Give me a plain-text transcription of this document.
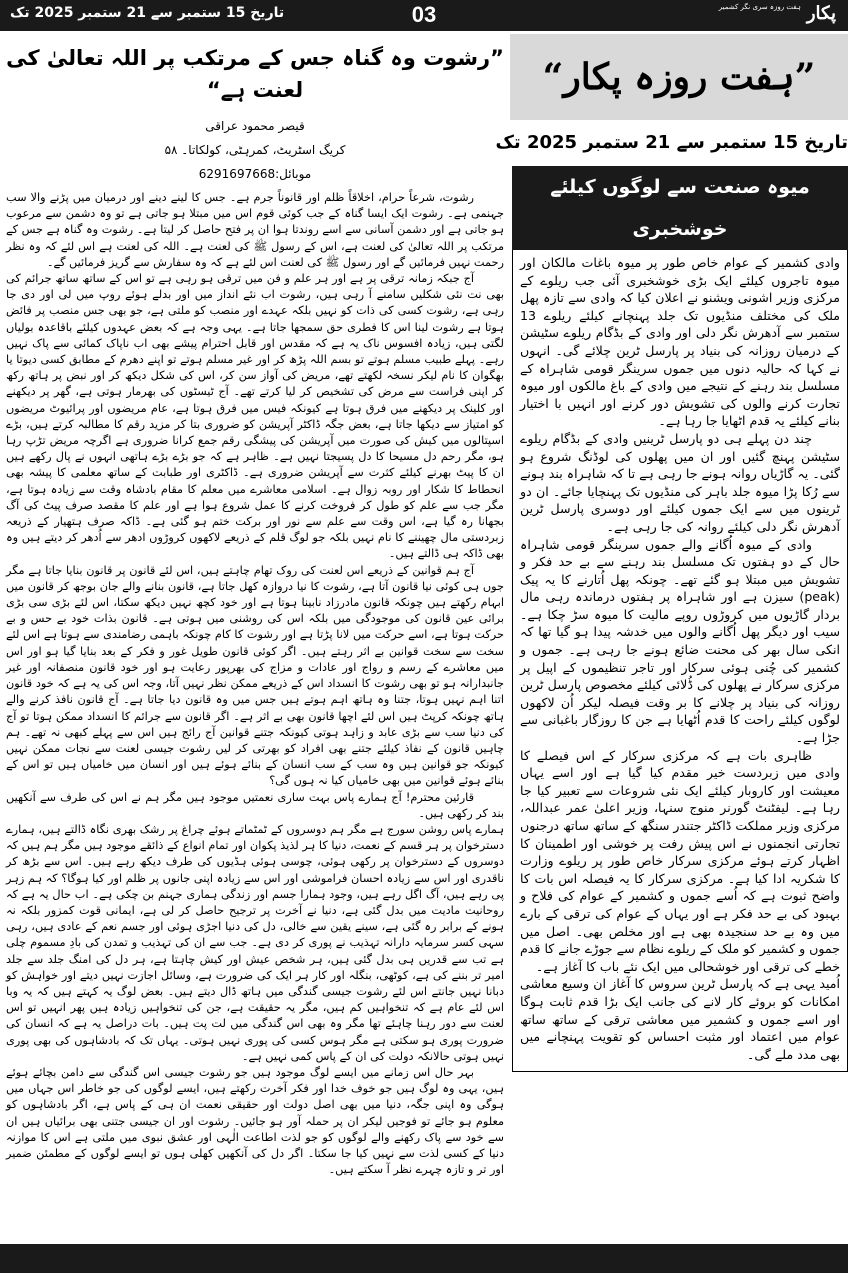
تاریخ 15 ستمبر سے 21 ستمبر 2025 تک	03	پکار$^{ہفت روزہ سری نگر کشمیر}$
”رشوت وہ گناہ جس کے مرتکب پر اللہ تعالیٰ کی لعنت ہے“
قیصر محمود عراقی
کریگ اسٹریٹ، کمرہٹی، کولکاتا۔ ۵۸
موبائل:6291697668

رشوت، شرعاً حرام، اخلاقاً ظلم اور قانوناً جرم ہے۔ جس کا لینے دینے اور درمیان میں پڑنے والا سب جہنمی ہے۔ رشوت ایک ایسا گناہ کے جب کوئی قوم اس میں مبتلا ہو جاتی ہے تو وہ دشمن سے مرعوب ہو جاتی ہے اور دشمن آسانی سے اسے روندتا ہوا ان پر فتح حاصل کر لیتا ہے۔ رشوت وہ گناہ ہے جس کے مرتکب پر اللہ تعالیٰ کی لعنت ہے، اس کے رسول ﷺ کی لعنت ہے۔ اللہ کی لعنت ہے اس لئے کہ وہ نظر رحمت نہیں فرمائیں گے اور رسول ﷺ کی لعنت اس لئے ہے کہ وہ سفارش سے گریز فرمائیں گے۔

آج جبکہ زمانہ ترقی پر ہے اور ہر علم و فن میں ترقی ہو رہی ہے تو اس کے ساتھ ساتھ جرائم کی بھی نت نئی شکلیں سامنے آ رہی ہیں، رشوت اب نئے انداز میں اور بدلے ہوئے روپ میں لی اور دی جا رہی ہے، رشوت کسی کی ذات کو نہیں بلکہ عہدے اور منصب کو ملتی ہے، جو بھی جس منصب پر فائض ہوتا ہے رشوت لینا اس کا فطری حق سمجھا جاتا ہے۔ یہی وجہ ہے کہ بعض عہدوں کیلئے باقاعدہ بولیاں لگتی ہیں، زیادہ افسوس ناک یہ ہے کہ مقدس اور قابل احترام پیشے بھی اب ناپاک کمائی سے پاک نہیں رہے۔ پہلے طبیب مسلم ہوتے تو بسم اللہ پڑھ کر اور غیر مسلم ہوتے تو اپنے دھرم کے مطابق کسی دیوتا یا بھگوان کا نام لیکر نسخہ لکھتے تھے، مریض کی آواز سن کر، اس کی شکل دیکھ کر اور نبض پر ہاتھ رکھ کر اپنی فراست سے مرض کی تشخیص کر لیا کرتے تھے۔ آج ٹیسٹوں کی بھرمار ہوتی ہے، گھر پر دیکھنے اور کلینک پر دیکھنے میں فرق ہوتا ہے کیونکہ فیس میں فرق ہوتا ہے، عام مریضوں اور پرائیوٹ مریضوں کو امتیاز سے دیکھا جاتا ہے، بعض جگہ ڈاکٹر آپریشن کو ضروری بتا کر مزید رقم کا مطالبہ کرتے ہیں، بڑے اسپتالوں میں کیش کی صورت میں آپریشن کی پیشگی رقم جمع کرانا ضروری ہے اگرچہ مریض تڑپ رہا ہو، مگر رحم دل مسیحا کا دل پسیجتا نہیں ہے۔ ظاہر ہے کہ جو بڑے بڑے ہاتھی انہوں نے پال رکھے ہیں ان کا پیٹ بھرنے کیلئے کثرت سے آپریشن ضروری ہے۔ ڈاکٹری اور طبابت کے ساتھ معلمی کا پیشہ بھی انحطاط کا شکار اور روبہ زوال ہے۔ اسلامی معاشرے میں معلم کا مقام بادشاہ وقت سے زیادہ ہوتا ہے، مگر جب سے علم کو طول کر فروخت کرنے کا عمل شروع ہوا ہے اور علم کا مقصد صرف پیٹ کی آگ بجھانا رہ گیا ہے، اس وقت سے علم سے نور اور برکت ختم ہو گئی ہے۔ ڈاکہ صرف ہتھیار کے ذریعہ زبردستی مال چھیننے کا نام نہیں بلکہ جو لوگ قلم کے ذریعے لاکھوں کروڑوں ادھر سے اُدھر کر دیتے ہیں وہ بھی ڈاکہ ہی ڈالتے ہیں۔

آج ہم قوانین کے ذریعے اس لعنت کی روک تھام چاہتے ہیں، اس لئے قانون پر قانون بنایا جاتا ہے مگر جوں ہی کوئی نیا قانون آتا ہے، رشوت کا نیا دروازہ کھل جاتا ہے، قانون بنانے والے جان بوجھ کر قانون میں ابہام رکھتے ہیں چونکہ قانون مادرزاد نابینا ہوتا ہے اور خود کچھ نہیں دیکھ سکتا، اس لئے بڑی سی بڑی برائی عین قانون کی موجودگی میں بلکہ اس کی روشنی میں ہوتی ہے۔ قانون بذات خود بے حس و بے حرکت ہوتا ہے، اسے حرکت میں لانا پڑتا ہے اور رشوت کا کام چونکہ باہمی رضامندی سے ہوتا ہے اس لئے سخت سے سخت قوانین بے اثر رہتے ہیں۔ اگر کوئی قانون طویل غور و فکر کے بعد بنایا گیا ہو اور اس میں معاشرے کے رسم و رواج اور عادات و مزاج کی بھرپور رعایت ہو اور خود قانون منصفانہ اور غیر جانبدارانہ ہو تو بھی رشوت کا انسداد اس کے ذریعے ممکن نظر نہیں آتا، وجہ اس کی یہ ہے کہ خود قانون اتنا اہم نہیں ہوتا، جتنا وہ ہاتھ اہم ہوتے ہیں جس میں وہ قانون دیا جاتا ہے۔ آج قانون نافذ کرنے والے ہاتھ چونکہ کرپٹ ہیں اس لئے اچھا قانون بھی بے اثر ہے۔ اگر قانون سے جرائم کا انسداد ممکن ہوتا تو آج کی دنیا سب سے بڑی عابد و زاہد ہوتی کیونکہ جتنے قوانین آج رائج ہیں اس سے پہلے کبھی نہ تھے۔ ہم چاہیں قانون کے نفاذ کیلئے جتنے بھی افراد کو بھرتی کر لیں رشوت جیسی لعنت سے نجات ممکن نہیں کیونکہ جو قوانین ہیں وہ سب کے سب انسان کے بنائے ہوئے ہیں اور انسان میں خامیاں ہیں تو اس کے بنائے ہوئے قوانین میں بھی خامیاں کیا نہ ہوں گی؟

قارئین محترم! آج ہمارے پاس بہت ساری نعمتیں موجود ہیں مگر ہم نے اس کی طرف سے آنکھیں بند کر رکھی ہیں۔

ہمارے پاس روشن سورج ہے مگر ہم دوسروں کے ٹمٹماتے ہوئے چراغ پر رشک بھری نگاہ ڈالتے ہیں، ہمارے دسترخوان پر ہر قسم کے نعمت، دنیا کا ہر لذیذ پکوان اور تمام انواع کے ذائقے موجود ہیں مگر ہم ہیں کہ دوسروں کے دسترخوان پر رکھی ہوئی، چوسی ہوئی ہڈیوں کی طرف دیکھ رہے ہیں۔ اس سے بڑھ کر ناقدری اور اس سے زیادہ احسان فراموشی اور اس سے زیادہ اپنی جانوں پر ظلم اور کیا ہوگا؟ کہ ہم زہر پی رہے ہیں، آگ اگل رہے ہیں، وجود ہمارا جسم اور زندگی ہماری جہنم بن چکی ہے۔ اب حال یہ ہے کہ روحانیت مادیت میں بدل گئی ہے، دنیا نے آخرت پر ترجیح حاصل کر لی ہے، ایمانی قوت کمزور بلکہ نہ ہونے کے برابر رہ گئی ہے، سینے یقین سے خالی، دل کی دنیا اجڑی ہوئی اور جسم نعم کے عادی ہیں، رہی سہی کسر سرمایہ دارانہ تہذیب نے پوری کر دی ہے۔ جب سے ان کی تہذیب و تمدن کی بادِ مسموم چلی ہے تب سے قدریں ہی بدل گئی ہیں، ہر شخص عیش اور کیش چاہتا ہے، ہر دل کی امنگ جلد سے جلد امیر تر بننے کی ہے، کوٹھی، بنگلہ اور کار ہر ایک کی ضرورت ہے، وسائل اجازت نہیں دیتے اور خواہش کو دبانا نہیں جانتے اس لئے رشوت جیسی گندگی میں ہاتھ ڈال دیتے ہیں۔ بعض لوگ یہ کہتے ہیں کہ یہ وبا اس لئے عام ہے کہ تنخواہیں کم ہیں، مگر یہ حقیقت ہے، جن کی تنخواہیں زیادہ ہیں پھر انہیں تو اس لعنت سے دور رہنا چاہئے تھا مگر وہ بھی اس گندگی میں لت پت ہیں۔ بات دراصل یہ ہے کہ انسان کی ضرورت پوری ہو سکتی ہے مگر ہوس کسی کی پوری نہیں ہوتی۔ یہاں تک کہ بادشاہوں کی بھی پوری نہیں ہوتی حالانکہ دولت کی ان کے پاس کمی نہیں ہے۔

بہر حال اس زمانے میں ایسے لوگ موجود ہیں جو رشوت جیسی اس گندگی سے دامن بچائے ہوئے ہیں، یہی وہ لوگ ہیں جو خوف خدا اور فکر آخرت رکھتے ہیں، ایسے لوگوں کی جو خاطر اس جہاں میں ہوگی وہ اپنی جگہ، دنیا میں بھی اصل دولت اور حقیقی نعمت ان ہی کے پاس ہے، اگر بادشاہوں کو معلوم ہو جائے تو فوجیں لیکر ان پر حملہ آور ہو جائیں۔ رشوت اور ان جیسی جتنی بھی برائیاں ہیں ان سے خود سے پاک رکھنے والے لوگوں کو جو لذت اطاعت الٰہی اور عشق نبوی میں ملتی ہے اس کا موازنہ دنیا کے کسی لذت سے نہیں کیا جا سکتا۔ اگر دل کی آنکھیں کھلی ہوں تو ایسے لوگوں کے مطمئن ضمیر اور تر و تازہ چہرے نظر آ سکتے ہیں۔

”ہفت روزہ پکار“
تاریخ 15 ستمبر سے 21 ستمبر 2025 تک
میوہ صنعت سے لوگوں کیلئے خوشخبری

وادی کشمیر کے عوام خاص طور پر میوہ باغات مالکان اور میوہ تاجروں کیلئے ایک بڑی خوشخبری آئی جب ریلوے کے مرکزی وزیر اشونی ویشنو نے اعلان کیا کہ وادی سے تازہ پھل ملک کی مختلف منڈیوں تک جلد پہنچانے کیلئے ریلوے 13 ستمبر سے آدھرش نگر دلی اور وادی کے بڈگام ریلوے سٹیشن کے درمیان روزانہ کی بنیاد پر پارسل ٹرین چلائے گی۔ انہوں نے کہا کہ حالیہ دنوں میں جموں سرینگر قومی شاہراہ کے مسلسل بند رہنے کے نتیجے میں وادی کے باغ مالکوں اور میوہ تجارت کرنے والوں کی تشویش دور کرنے اور انہیں با اختیار بنانے کیلئے یہ قدم اٹھایا جا رہا ہے۔

چند دن پہلے ہی دو پارسل ٹرینیں وادی کے بڈگام ریلوے سٹیشن پہنچ گئیں اور ان میں پھلوں کی لوڈنگ شروع ہو گئی۔ یہ گاڑیاں روانہ ہونے جا رہی ہے تا کہ شاہراہ بند ہونے سے رُکا پڑا میوہ جلد باہر کی منڈیوں تک پہنچایا جائے۔ ان دو ٹرینوں میں سے ایک جموں کیلئے اور دوسری پارسل ٹرین آدھرش نگر دلی کیلئے روانہ کی جا رہی ہے۔

وادی کے میوہ اُگانے والے جموں سرینگر قومی شاہراہ حال کے دو ہفتوں تک مسلسل بند رہنے سے بے حد فکر و تشویش میں مبتلا ہو گئے تھے۔ چونکہ پھل اُتارنے کا یہ پیک (peak) سیزن ہے اور شاہراہ پر ہفتوں درماندہ رہی مال بردار گاڑیوں میں کروڑوں روپے مالیت کا میوہ سڑ چکا ہے۔ سیب اور دیگر پھل اُگانے والوں میں خدشہ پیدا ہو گیا تھا کہ انکی سال بھر کی محنت ضائع ہونے جا رہی ہے۔ جموں و کشمیر کی چُنی ہوئی سرکار اور تاجر تنظیموں کے اپیل پر مرکزی سرکار نے پھلوں کی ڈُلائی کیلئے مخصوص پارسل ٹرین روزانہ کی بنیاد پر چلانے کا بر وقت فیصلہ لیکر اُن لاکھوں لوگوں کیلئے راحت کا قدم اُٹھایا ہے جن کا روزگار باغبانی سے جڑا ہے۔

ظاہری بات ہے کہ مرکزی سرکار کے اس فیصلے کا وادی میں زبردست خیر مقدم کیا گیا ہے اور اسے یہاں معیشت اور کاروبار کیلئے ایک نئی شروعات سے تعبیر کیا جا رہا ہے۔ لیفٹنٹ گورنر منوج سنہا، وزیر اعلیٰ عمر عبداللہ، مرکزی وزیر مملکت ڈاکٹر جتندر سنگھ کے ساتھ ساتھ درجنوں تجارتی انجمنوں نے اس پیش رفت پر خوشی اور اطمینان کا اظہار کرتے ہوئے مرکزی سرکار خاص طور پر ریلوے وزارت کا شکریہ ادا کیا ہے۔ مرکزی سرکار کا یہ فیصلہ اس بات کا واضح ثبوت ہے کہ اُسے جموں و کشمیر کے عوام کی فلاح و بہبود کی بے حد فکر ہے اور یہاں کے عوام کی ترقی کے بارے میں وہ بے حد سنجیدہ بھی ہے اور مخلص بھی۔ اصل میں جموں و کشمیر کو ملک کے ریلوے نظام سے جوڑے جانے کا قدم خطے کی ترقی اور خوشحالی میں ایک نئے باب کا آغاز ہے۔

اُمید یہی ہے کہ پارسل ٹرین سروس کا آغاز ان وسیع معاشی امکانات کو بروئے کار لانے کی جانب ایک بڑا قدم ثابت ہوگا اور اسے جموں و کشمیر میں معاشی ترقی کے ساتھ ساتھ عوام میں اعتماد اور مثبت احساس کو تقویت پہنچانے میں بھی مدد ملے گی۔
